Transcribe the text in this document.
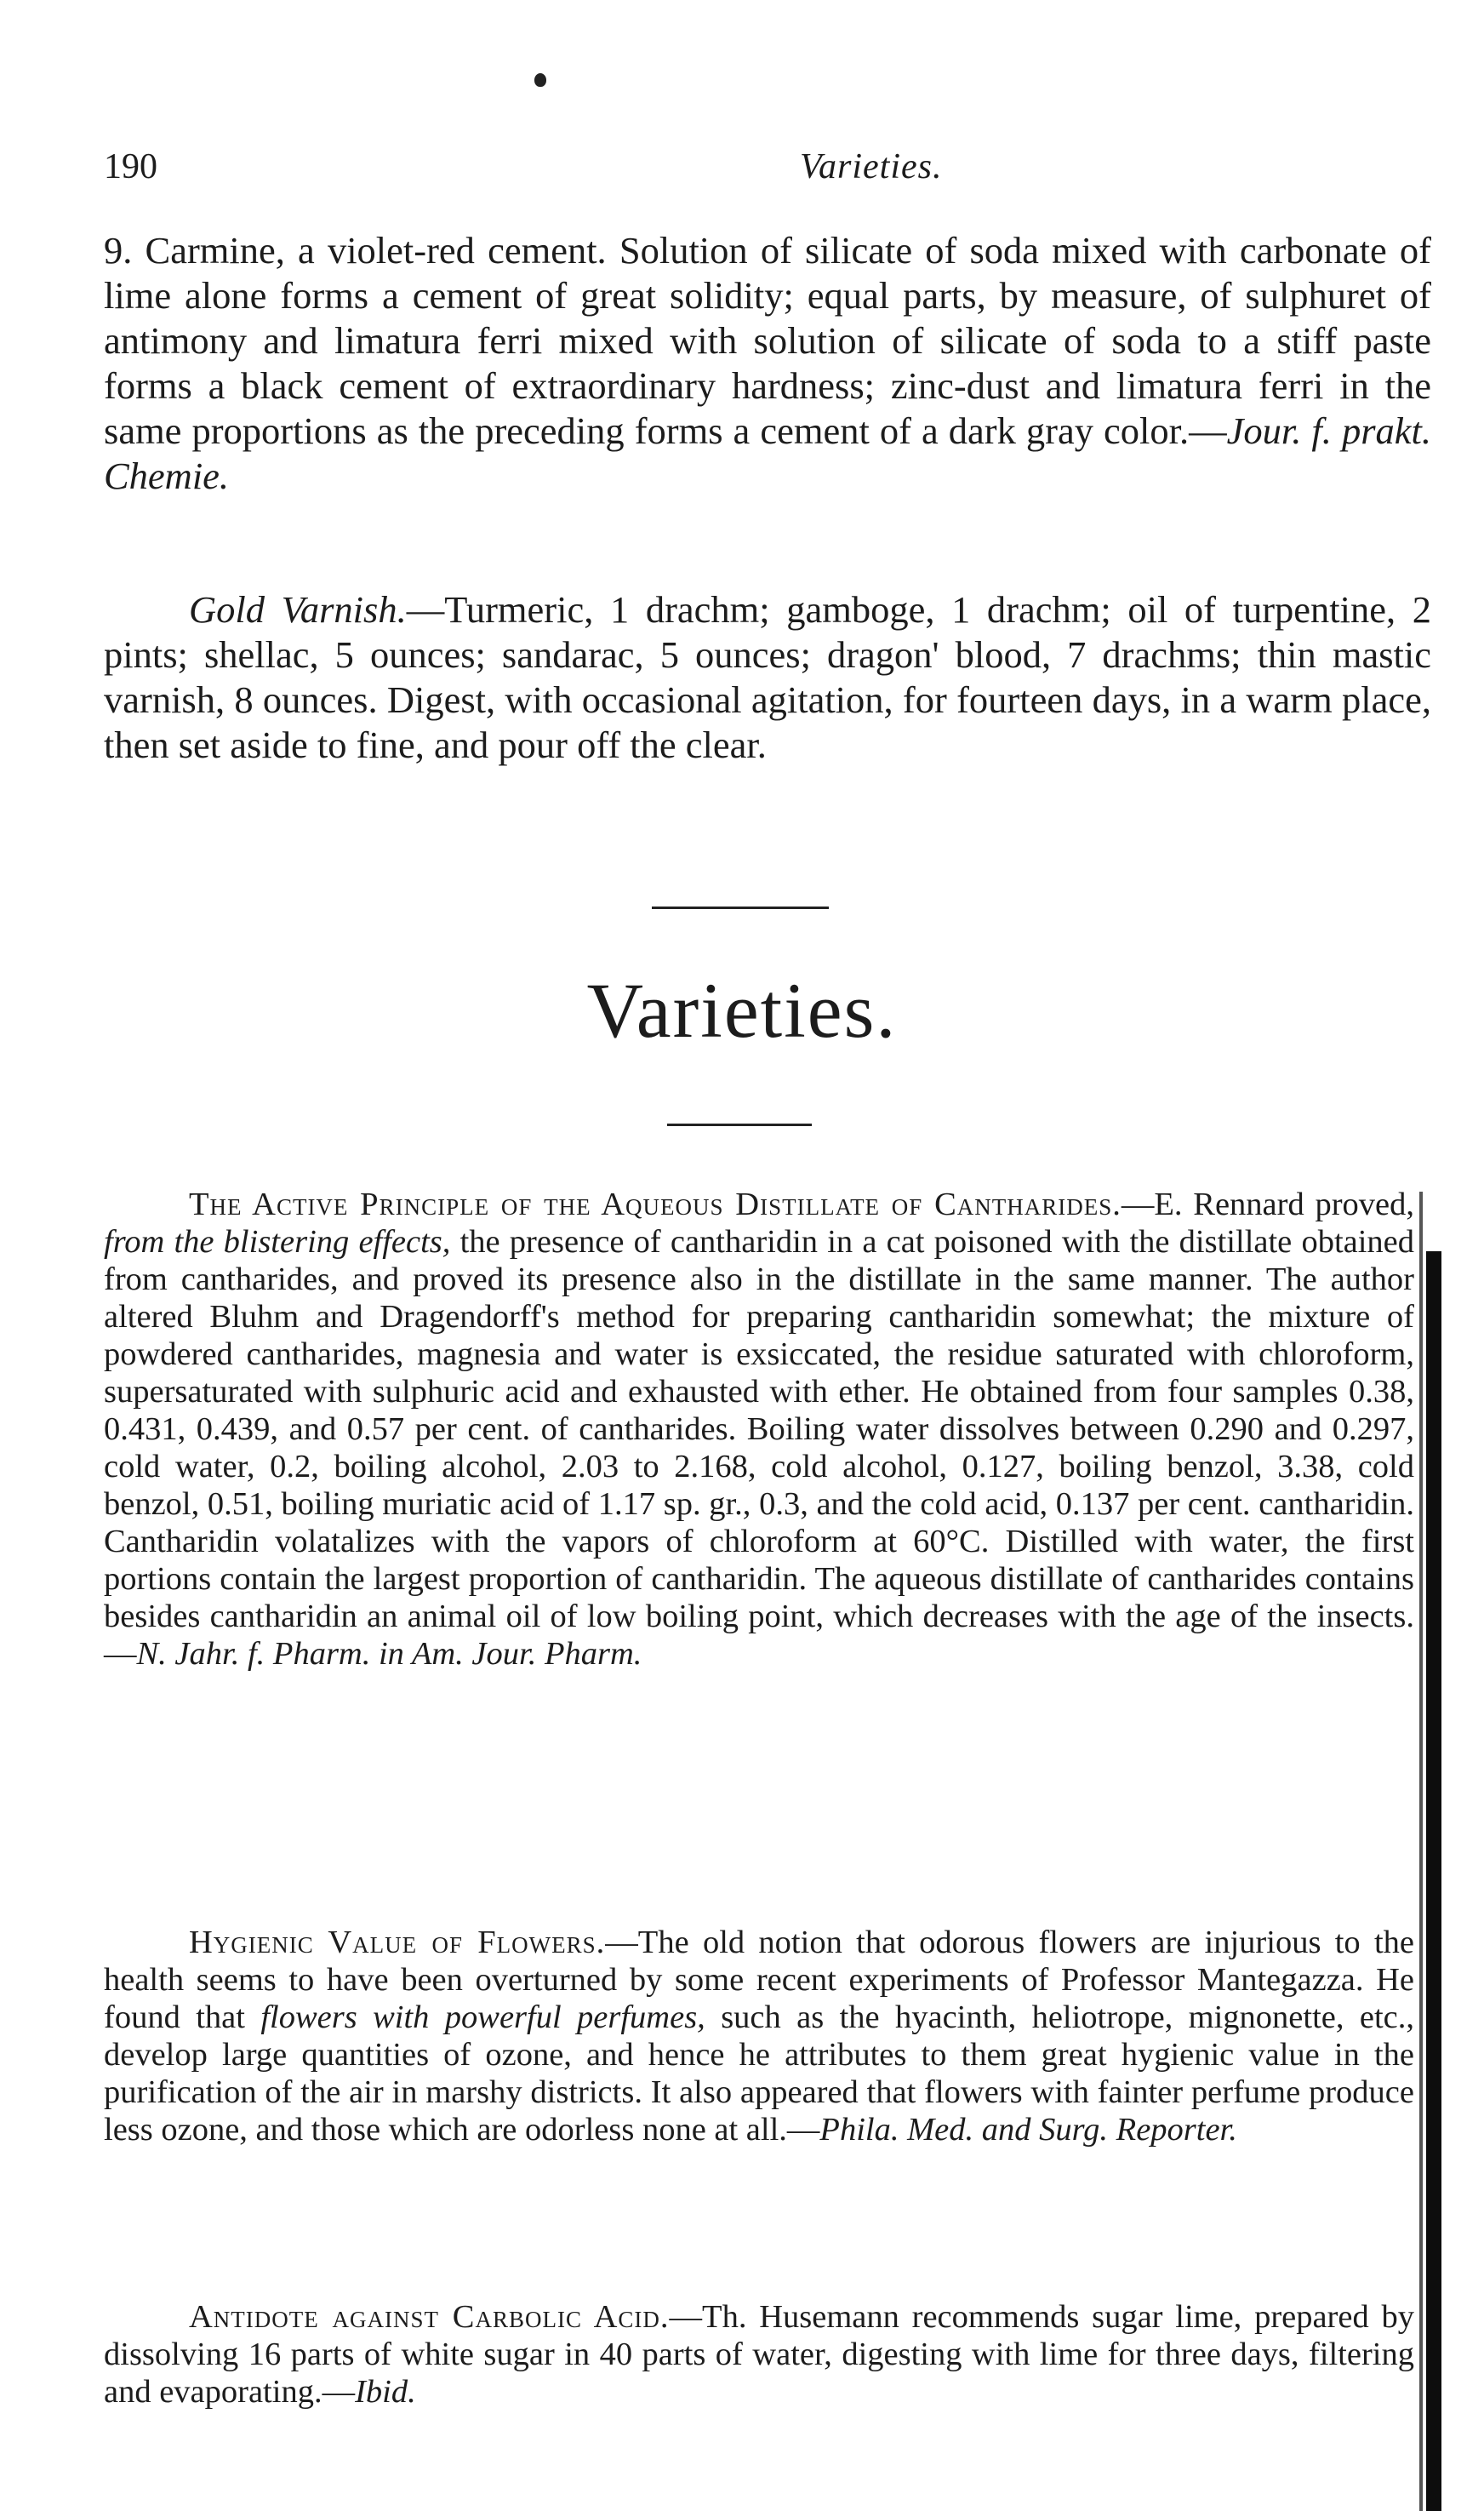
190	Varieties.

9. Carmine, a violet-red cement. Solution of silicate of soda mixed with carbonate of lime alone forms a cement of great solidity; equal parts, by measure, of sulphuret of antimony and limatura ferri mixed with solution of silicate of soda to a stiff paste forms a black cement of extraordinary hardness; zinc-dust and limatura ferri in the same proportions as the preceding forms a cement of a dark gray color.—Jour. f. prakt. Chemie.

Gold Varnish.—Turmeric, 1 drachm; gamboge, 1 drachm; oil of turpentine, 2 pints; shellac, 5 ounces; sandarac, 5 ounces; dragon' blood, 7 drachms; thin mastic varnish, 8 ounces. Digest, with occasional agitation, for fourteen days, in a warm place, then set aside to fine, and pour off the clear.

Varieties.

The Active Principle of the Aqueous Distillate of Cantharides.—E. Rennard proved, from the blistering effects, the presence of cantharidin in a cat poisoned with the distillate obtained from cantharides, and proved its presence also in the distillate in the same manner. The author altered Bluhm and Dragendorff's method for preparing cantharidin somewhat; the mixture of powdered cantharides, magnesia and water is exsiccated, the residue saturated with chloroform, supersaturated with sulphuric acid and exhausted with ether. He obtained from four samples 0.38, 0.431, 0.439, and 0.57 per cent. of cantharides. Boiling water dissolves between 0.290 and 0.297, cold water, 0.2, boiling alcohol, 2.03 to 2.168, cold alcohol, 0.127, boiling benzol, 3.38, cold benzol, 0.51, boiling muriatic acid of 1.17 sp. gr., 0.3, and the cold acid, 0.137 per cent. cantharidin. Cantharidin volatalizes with the vapors of chloroform at 60°C. Distilled with water, the first portions contain the largest proportion of cantharidin. The aqueous distillate of cantharides contains besides cantharidin an animal oil of low boiling point, which decreases with the age of the insects.—N. Jahr. f. Pharm. in Am. Jour. Pharm.

Hygienic Value of Flowers.—The old notion that odorous flowers are injurious to the health seems to have been overturned by some recent experiments of Professor Mantegazza. He found that flowers with powerful perfumes, such as the hyacinth, heliotrope, mignonette, etc., develop large quantities of ozone, and hence he attributes to them great hygienic value in the purification of the air in marshy districts. It also appeared that flowers with fainter perfume produce less ozone, and those which are odorless none at all.—Phila. Med. and Surg. Reporter.

Antidote against Carbolic Acid.—Th. Husemann recommends sugar lime, prepared by dissolving 16 parts of white sugar in 40 parts of water, digesting with lime for three days, filtering and evaporating.—Ibid.
